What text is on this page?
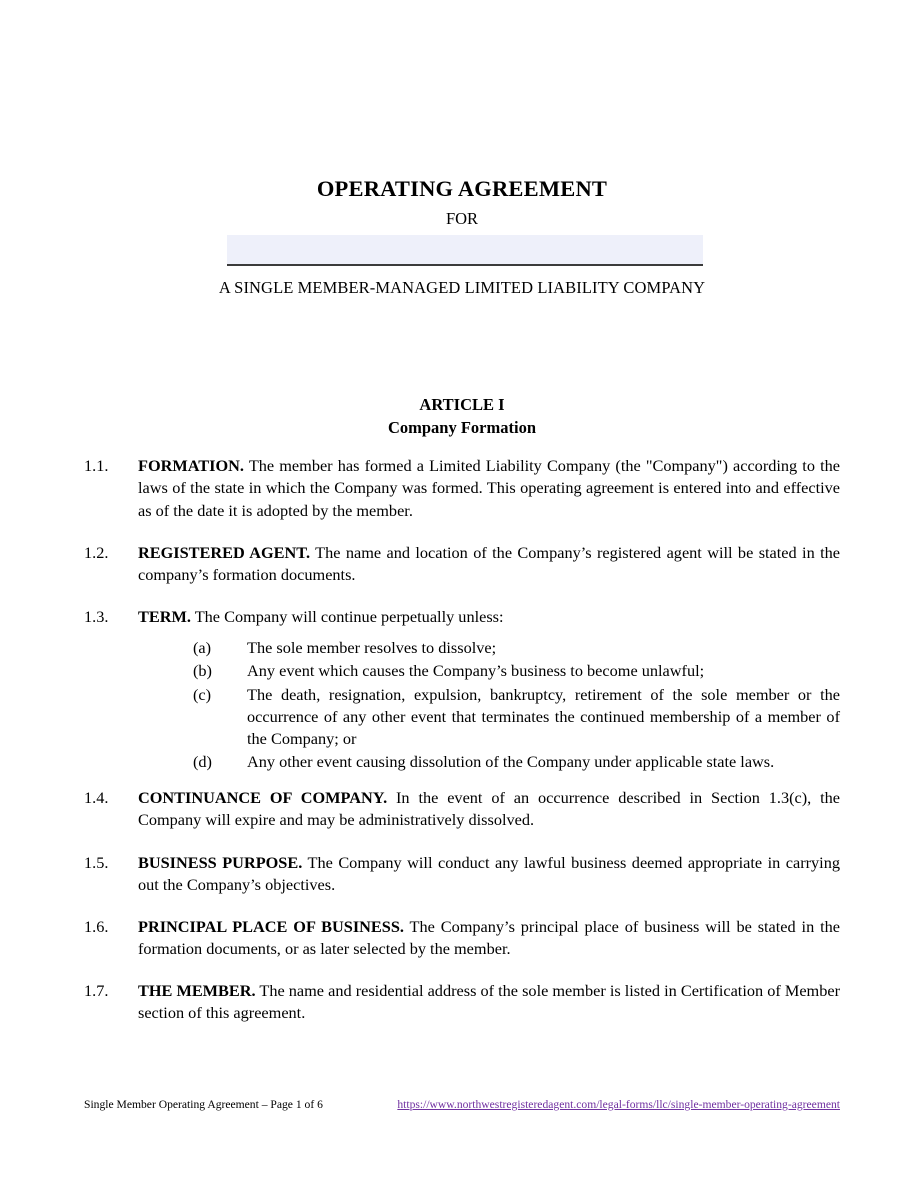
OPERATING AGREEMENT
FOR
A SINGLE MEMBER-MANAGED LIMITED LIABILITY COMPANY
ARTICLE I
Company Formation
1.1.	FORMATION. The member has formed a Limited Liability Company (the "Company") according to the laws of the state in which the Company was formed. This operating agreement is entered into and effective as of the date it is adopted by the member.
1.2.	REGISTERED AGENT. The name and location of the Company’s registered agent will be stated in the company’s formation documents.
1.3.	TERM. The Company will continue perpetually unless:
(a)	The sole member resolves to dissolve;
(b)	Any event which causes the Company’s business to become unlawful;
(c)	The death, resignation, expulsion, bankruptcy, retirement of the sole member or the occurrence of any other event that terminates the continued membership of a member of the Company; or
(d)	Any other event causing dissolution of the Company under applicable state laws.
1.4.	CONTINUANCE OF COMPANY. In the event of an occurrence described in Section 1.3(c), the Company will expire and may be administratively dissolved.
1.5.	BUSINESS PURPOSE. The Company will conduct any lawful business deemed appropriate in carrying out the Company’s objectives.
1.6.	PRINCIPAL PLACE OF BUSINESS. The Company’s principal place of business will be stated in the formation documents, or as later selected by the member.
1.7.	THE MEMBER. The name and residential address of the sole member is listed in Certification of Member section of this agreement.
Single Member Operating Agreement – Page 1 of 6	https://www.northwestregisteredagent.com/legal-forms/llc/single-member-operating-agreement
